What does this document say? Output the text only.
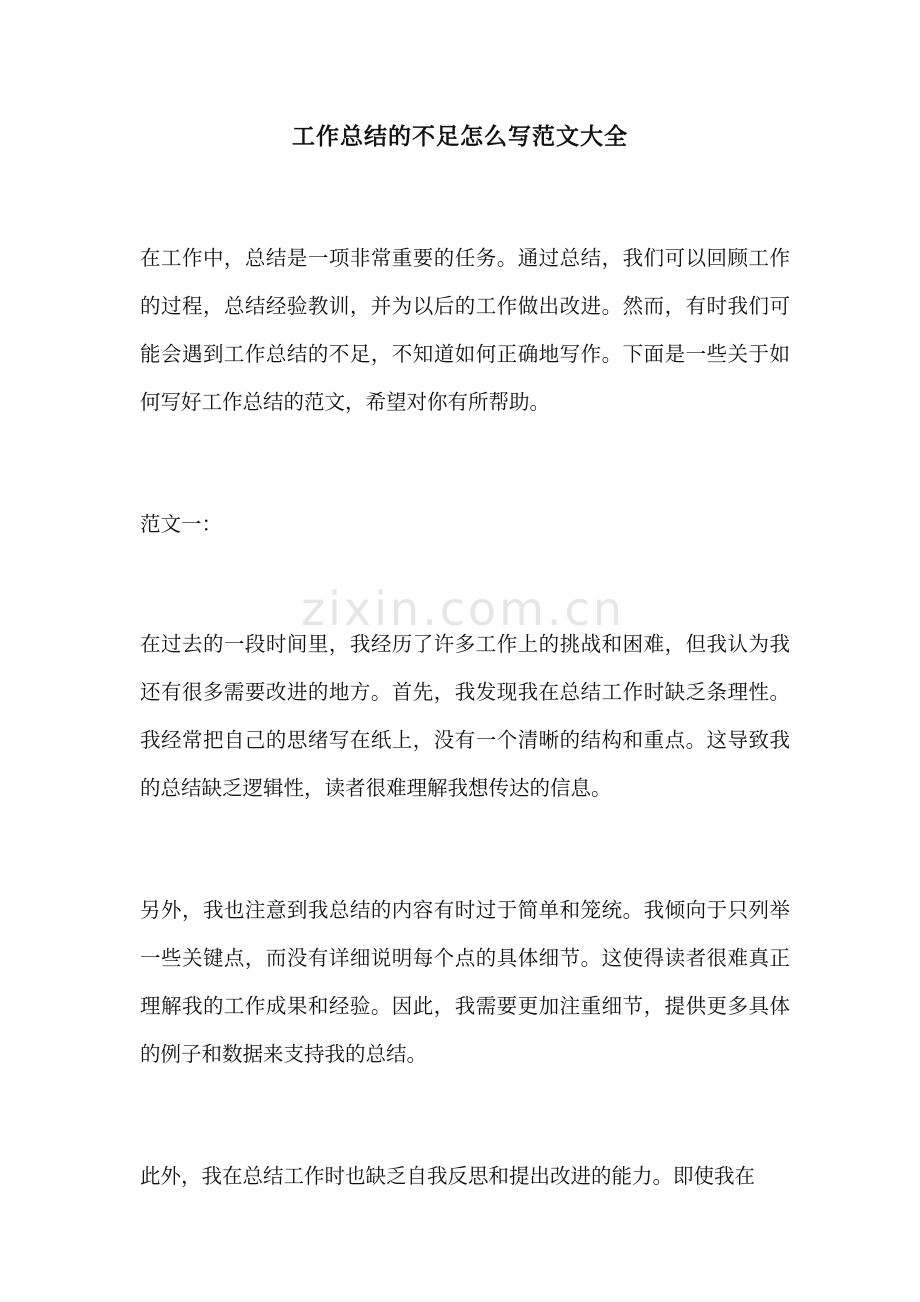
工作总结的不足怎么写范文大全
zixin.com.cn

在工作中，总结是一项非常重要的任务。通过总结，我们可以回顾工作的过程，总结经验教训，并为以后的工作做出改进。然而，有时我们可能会遇到工作总结的不足，不知道如何正确地写作。下面是一些关于如何写好工作总结的范文，希望对你有所帮助。

范文一：

在过去的一段时间里，我经历了许多工作上的挑战和困难，但我认为我还有很多需要改进的地方。首先，我发现我在总结工作时缺乏条理性。我经常把自己的思绪写在纸上，没有一个清晰的结构和重点。这导致我的总结缺乏逻辑性，读者很难理解我想传达的信息。

另外，我也注意到我总结的内容有时过于简单和笼统。我倾向于只列举一些关键点，而没有详细说明每个点的具体细节。这使得读者很难真正理解我的工作成果和经验。因此，我需要更加注重细节，提供更多具体的例子和数据来支持我的总结。

此外，我在总结工作时也缺乏自我反思和提出改进的能力。即使我在
